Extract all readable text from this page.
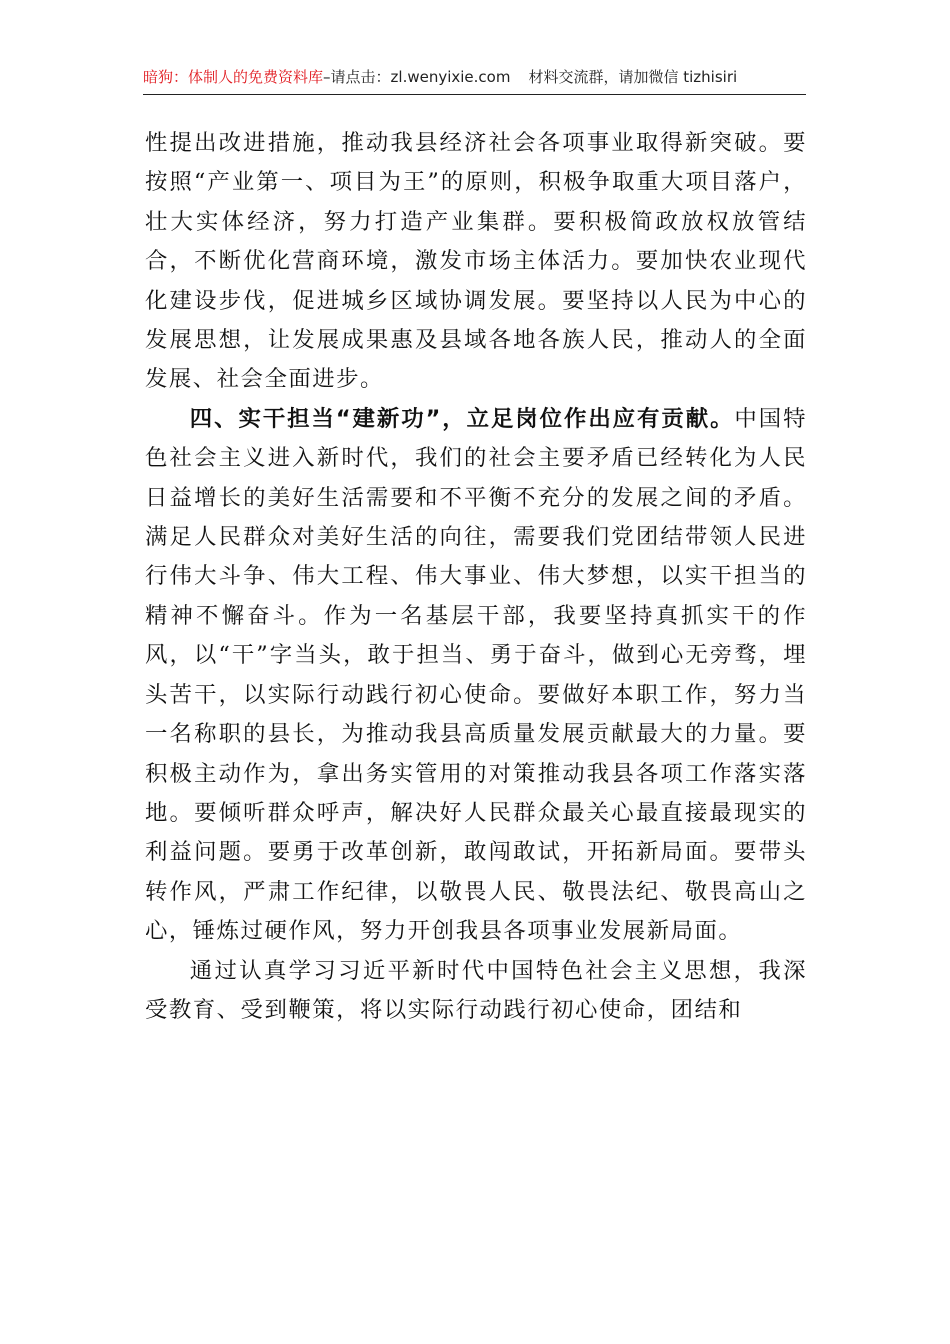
暗狗：体制人的免费资料库–请点击：zl.wenyixie.com 材料交流群，请加微信 tizhisiri

性提出改进措施，推动我县经济社会各项事业取得新突破。要按照“产业第一、项目为王”的原则，积极争取重大项目落户，壮大实体经济，努力打造产业集群。要积极简政放权放管结合，不断优化营商环境，激发市场主体活力。要加快农业现代化建设步伐，促进城乡区域协调发展。要坚持以人民为中心的发展思想，让发展成果惠及县域各地各族人民，推动人的全面发展、社会全面进步。

四、实干担当“建新功”，立足岗位作出应有贡献。中国特色社会主义进入新时代，我们的社会主要矛盾已经转化为人民日益增长的美好生活需要和不平衡不充分的发展之间的矛盾。满足人民群众对美好生活的向往，需要我们党团结带领人民进行伟大斗争、伟大工程、伟大事业、伟大梦想，以实干担当的精神不懈奋斗。作为一名基层干部，我要坚持真抓实干的作风，以“干”字当头，敢于担当、勇于奋斗，做到心无旁骛，埋头苦干，以实际行动践行初心使命。要做好本职工作，努力当一名称职的县长，为推动我县高质量发展贡献最大的力量。要积极主动作为，拿出务实管用的对策推动我县各项工作落实落地。要倾听群众呼声，解决好人民群众最关心最直接最现实的利益问题。要勇于改革创新，敢闯敢试，开拓新局面。要带头转作风，严肃工作纪律，以敬畏人民、敬畏法纪、敬畏高山之心，锤炼过硬作风，努力开创我县各项事业发展新局面。

通过认真学习习近平新时代中国特色社会主义思想，我深受教育、受到鞭策，将以实际行动践行初心使命，团结和
